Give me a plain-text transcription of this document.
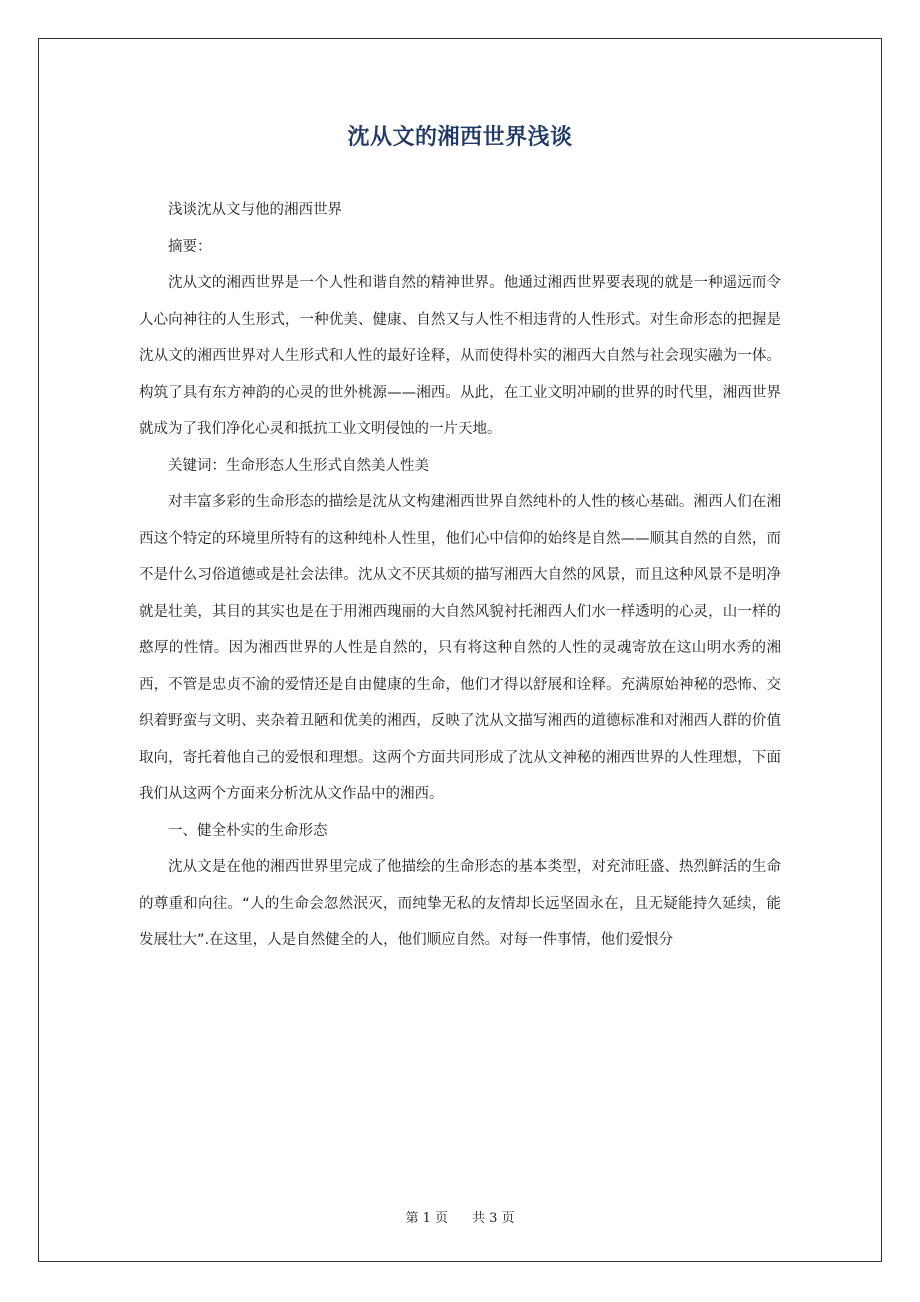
沈从文的湘西世界浅谈

浅谈沈从文与他的湘西世界

摘要：

沈从文的湘西世界是一个人性和谐自然的精神世界。他通过湘西世界要表现的就是一种遥远而令人心向神往的人生形式，一种优美、健康、自然又与人性不相违背的人性形式。对生命形态的把握是沈从文的湘西世界对人生形式和人性的最好诠释，从而使得朴实的湘西大自然与社会现实融为一体。构筑了具有东方神韵的心灵的世外桃源——湘西。从此，在工业文明冲刷的世界的时代里，湘西世界就成为了我们净化心灵和抵抗工业文明侵蚀的一片天地。

关键词：生命形态人生形式自然美人性美

对丰富多彩的生命形态的描绘是沈从文构建湘西世界自然纯朴的人性的核心基础。湘西人们在湘西这个特定的环境里所特有的这种纯朴人性里，他们心中信仰的始终是自然——顺其自然的自然，而不是什么习俗道德或是社会法律。沈从文不厌其烦的描写湘西大自然的风景，而且这种风景不是明净就是壮美，其目的其实也是在于用湘西瑰丽的大自然风貌衬托湘西人们水一样透明的心灵，山一样的憨厚的性情。因为湘西世界的人性是自然的，只有将这种自然的人性的灵魂寄放在这山明水秀的湘西，不管是忠贞不渝的爱情还是自由健康的生命，他们才得以舒展和诠释。充满原始神秘的恐怖、交织着野蛮与文明、夹杂着丑陋和优美的湘西，反映了沈从文描写湘西的道德标准和对湘西人群的价值取向，寄托着他自己的爱恨和理想。这两个方面共同形成了沈从文神秘的湘西世界的人性理想，下面我们从这两个方面来分析沈从文作品中的湘西。

一、健全朴实的生命形态

沈从文是在他的湘西世界里完成了他描绘的生命形态的基本类型，对充沛旺盛、热烈鲜活的生命的尊重和向往。“人的生命会忽然泯灭，而纯挚无私的友情却长远坚固永在，且无疑能持久延续，能发展壮大”.在这里，人是自然健全的人，他们顺应自然。对每一件事情，他们爱恨分

第 1 页 共 3 页
